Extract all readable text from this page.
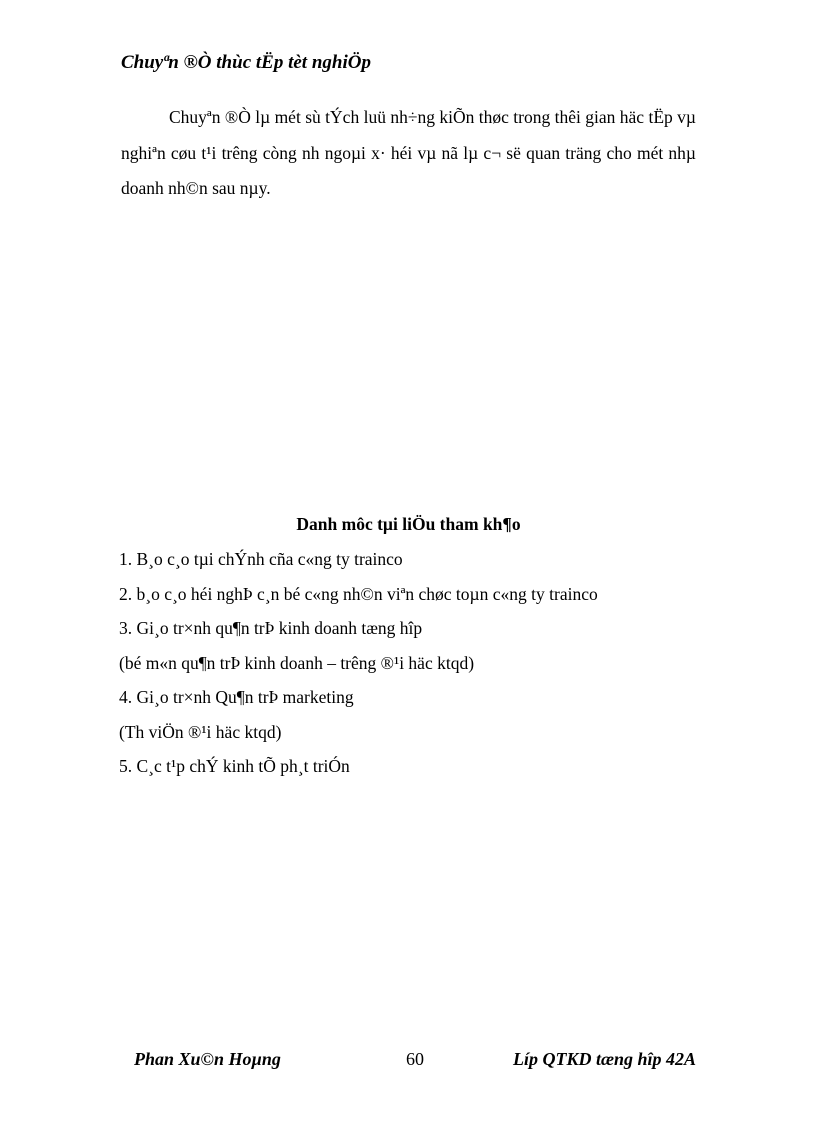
Chuyªn ®Ò thùc tËp tèt nghiÖp

Chuyªn ®Ò lµ mét sù tÝch luü nh÷ng kiÕn thøc trong thêi gian häc tËp vµ nghiªn cøu t¹i trêng còng nh ngoµi x· héi vµ nã lµ c¬ së quan träng cho mét nhµ doanh nh©n sau nµy.

Danh môc tµi liÖu tham kh¶o
1. B¸o c¸o tµi chÝnh cña c«ng ty trainco
2. b¸o c¸o héi nghÞ c¸n bé c«ng nh©n viªn chøc toµn c«ng ty trainco
3. Gi¸o tr×nh qu¶n trÞ kinh doanh tæng hîp
(bé m«n qu¶n trÞ kinh doanh – trêng ®¹i häc ktqd)
4. Gi¸o tr×nh Qu¶n trÞ marketing
(Th viÖn ®¹i häc ktqd)
5. C¸c t¹p chÝ kinh tÕ ph¸t triÓn
Phan Xu©n Hoµng	60	Líp QTKD tæng hîp 42A
